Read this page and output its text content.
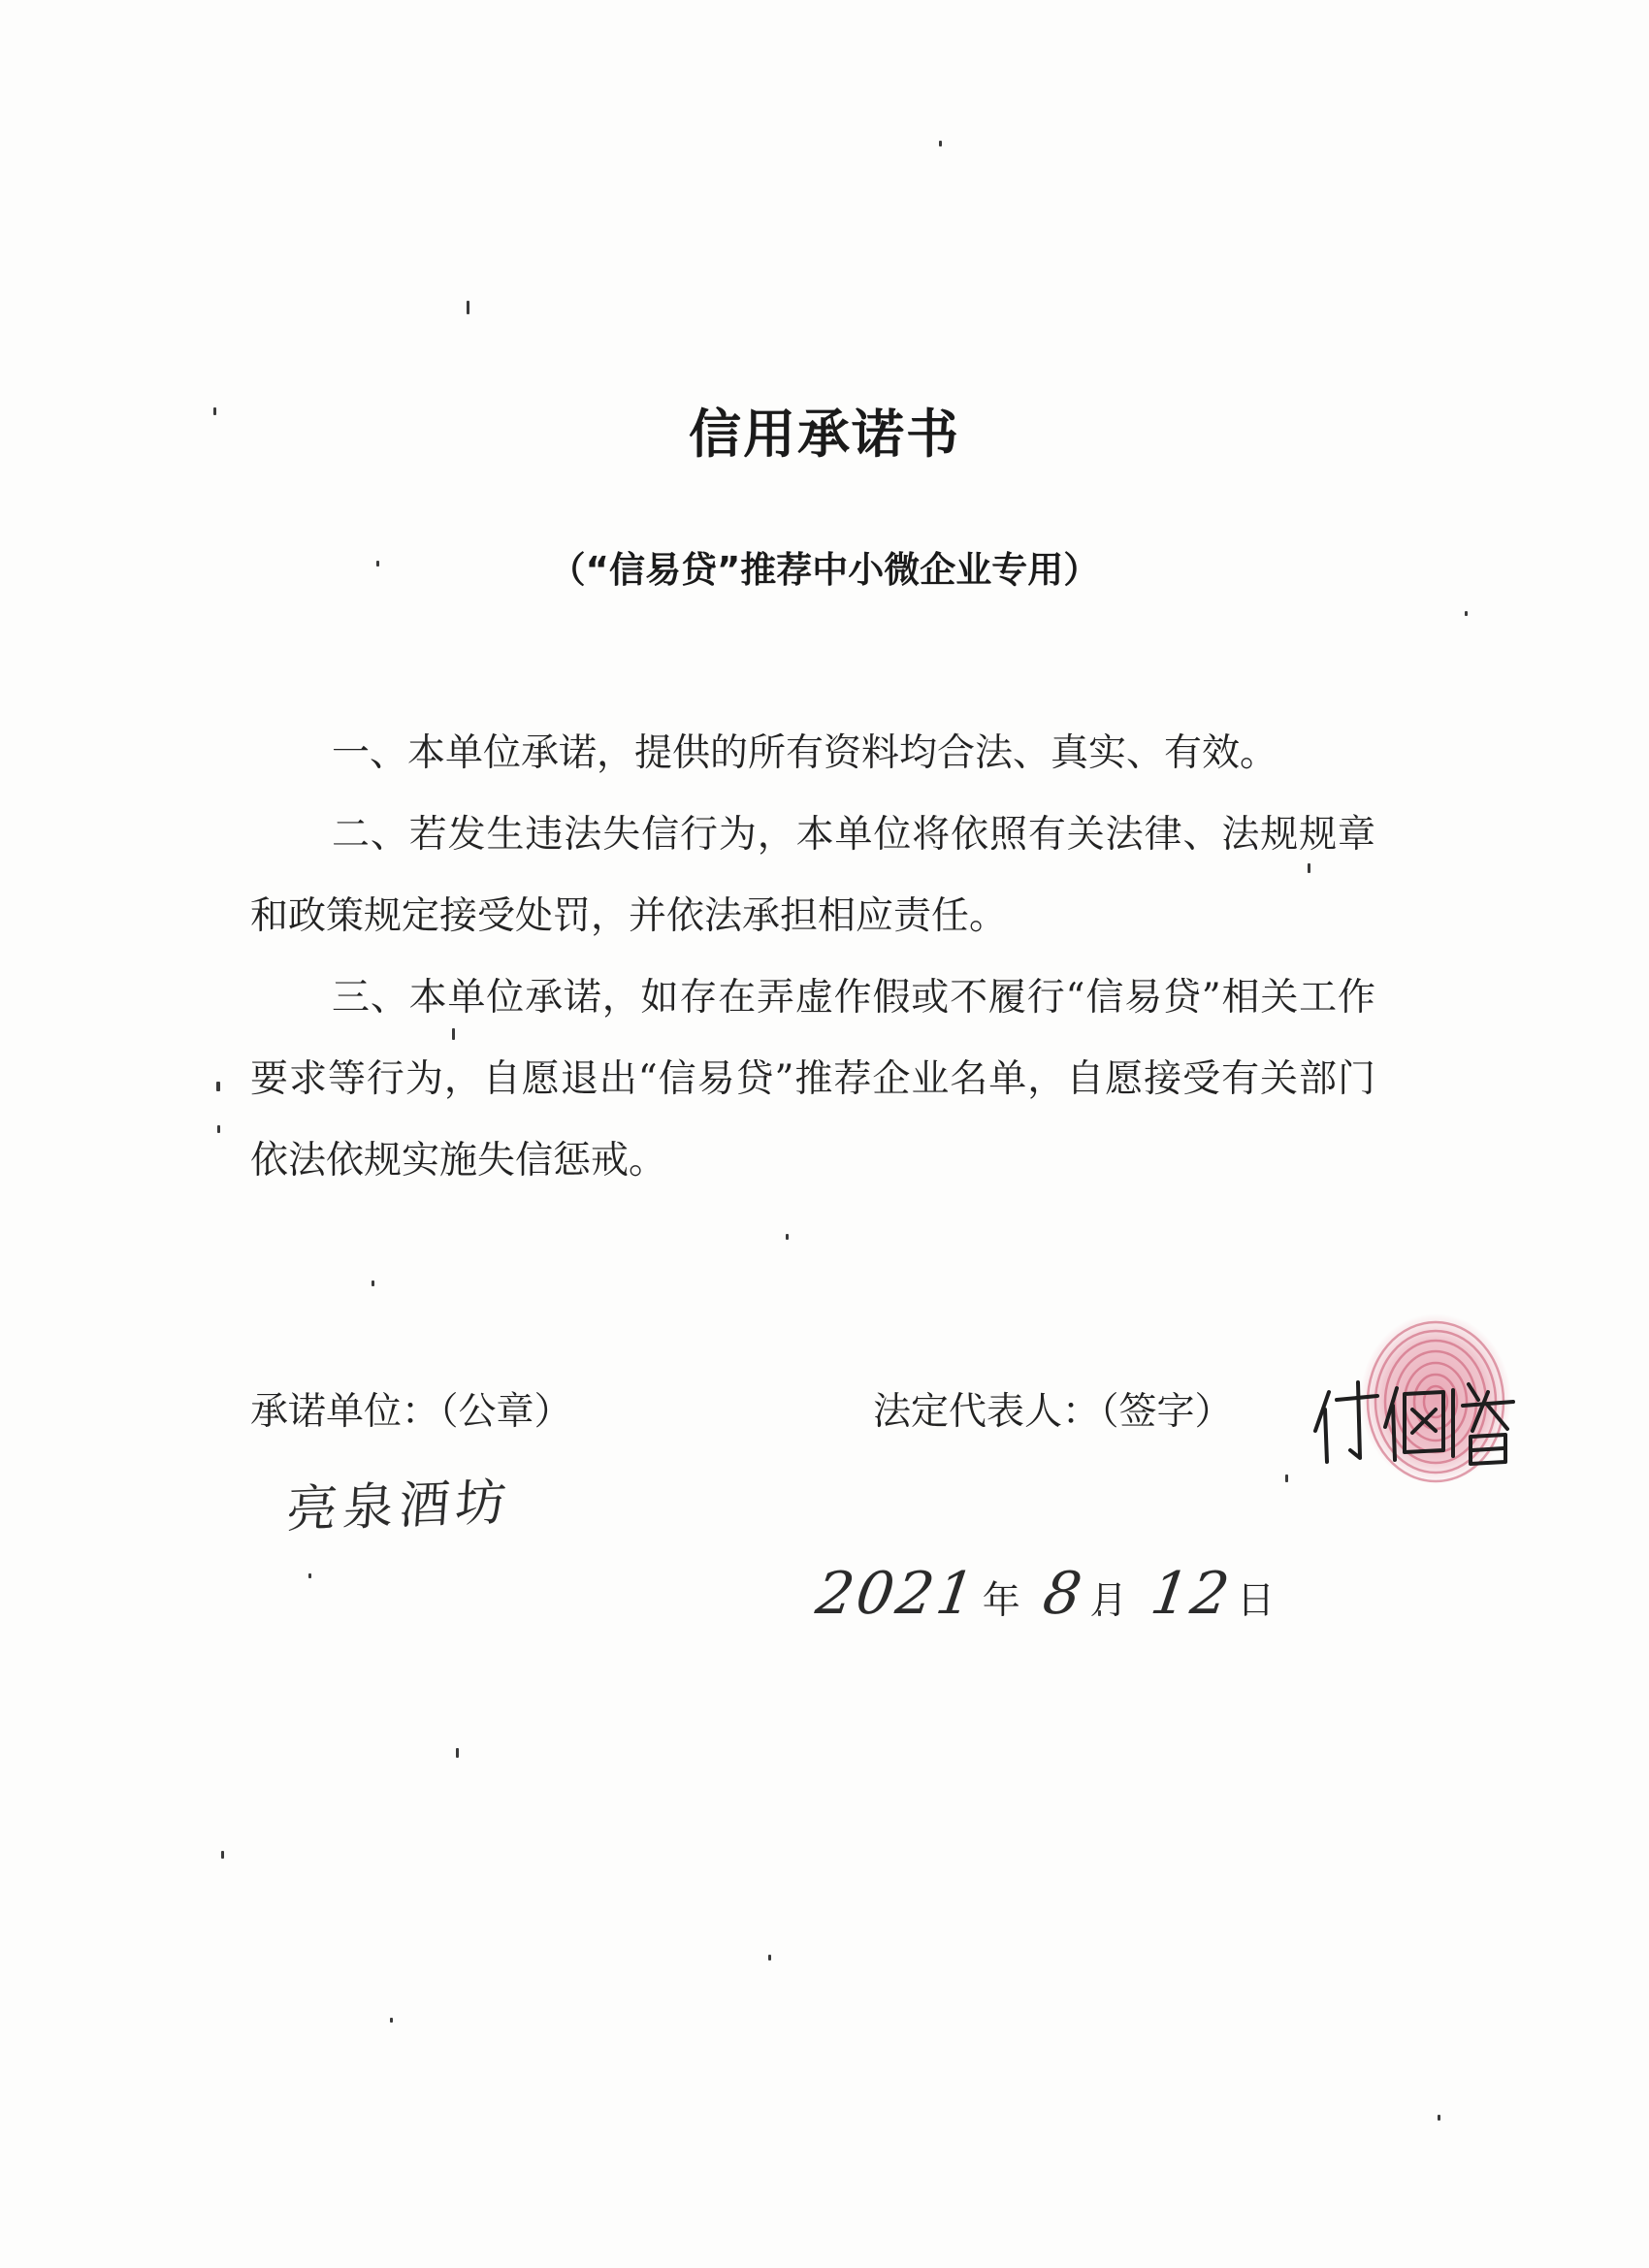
信用承诺书
（“信易贷”推荐中小微企业专用）

一、本单位承诺，提供的所有资料均合法、真实、有效。

二、若发生违法失信行为，本单位将依照有关法律、法规规章和政策规定接受处罚，并依法承担相应责任。

三、本单位承诺，如存在弄虚作假或不履行“信易贷”相关工作要求等行为，自愿退出“信易贷”推荐企业名单，自愿接受有关部门依法依规实施失信惩戒。

承诺单位：（公章）	法定代表人：（签字）
亮泉酒坊
2021年 8月 12日
